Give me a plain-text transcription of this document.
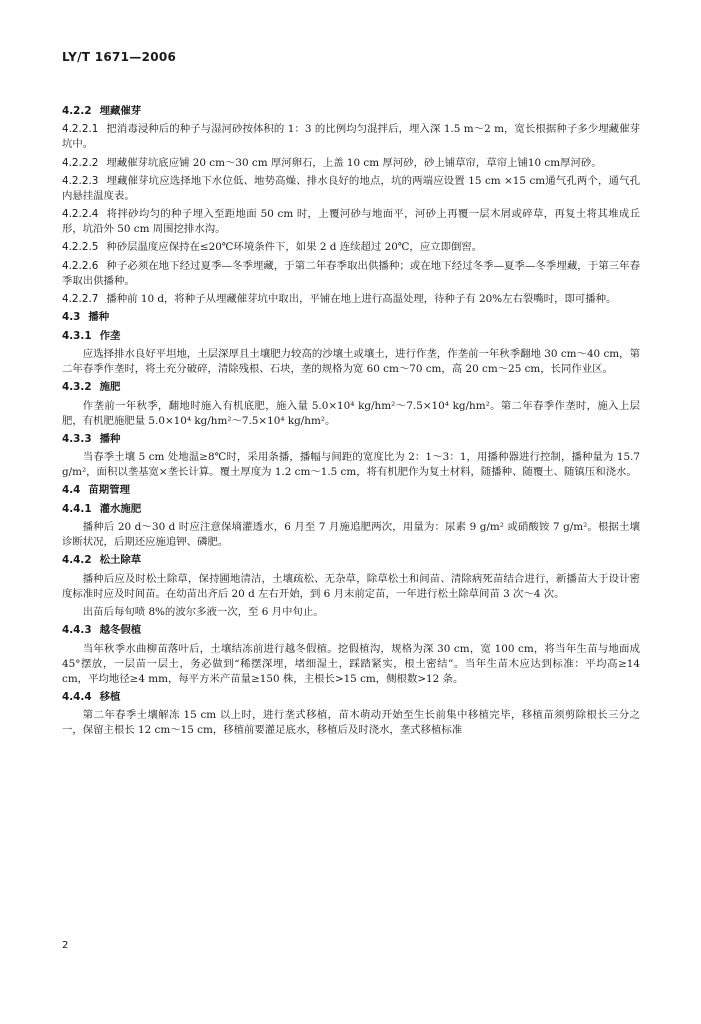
LY/T 1671—2006

4.2.2 埋藏催芽

4.2.2.1 把消毒浸种后的种子与湿河砂按体积的 1：3 的比例均匀混拌后，埋入深 1.5 m～2 m，宽长根据种子多少埋藏催芽坑中。

4.2.2.2 埋藏催芽坑底应铺 20 cm～30 cm 厚河卵石，上盖 10 cm 厚河砂，砂上铺草帘，草帘上铺10 cm厚河砂。

4.2.2.3 埋藏催芽坑应选择地下水位低、地势高燥、排水良好的地点，坑的两端应设置 15 cm ×15 cm通气孔两个，通气孔内悬挂温度表。

4.2.2.4 将拌砂均匀的种子埋入至距地面 50 cm 时，上覆河砂与地面平，河砂上再覆一层木屑或碎草，再复土将其堆成丘形，坑沿外 50 cm 周围挖排水沟。

4.2.2.5 种砂层温度应保持在≤20℃环境条件下，如果 2 d 连续超过 20℃，应立即倒窖。

4.2.2.6 种子必须在地下经过夏季—冬季埋藏，于第二年春季取出供播种；或在地下经过冬季—夏季—冬季埋藏，于第三年春季取出供播种。

4.2.2.7 播种前 10 d，将种子从埋藏催芽坑中取出，平铺在地上进行高温处理，待种子有 20%左右裂嘴时，即可播种。

4.3 播种

4.3.1 作垄

应选择排水良好平坦地，土层深厚且土壤肥力较高的沙壤土或壤土，进行作垄，作垄前一年秋季翻地 30 cm～40 cm，第二年春季作垄时，将土充分破碎，清除残根、石块，垄的规格为宽 60 cm～70 cm，高 20 cm～25 cm，长同作业区。

4.3.2 施肥

作垄前一年秋季，翻地时施入有机底肥，施入量 5.0×10⁴ kg/hm²～7.5×10⁴ kg/hm²。第二年春季作垄时，施入上层肥，有机肥施肥量 5.0×10⁴ kg/hm²～7.5×10⁴ kg/hm²。

4.3.3 播种

当春季土壤 5 cm 处地温≥8℃时，采用条播，播幅与间距的宽度比为 2：1～3：1，用播种器进行控制，播种量为 15.7 g/m²，面积以垄基宽×垄长计算。覆土厚度为 1.2 cm～1.5 cm，将有机肥作为复土材料，随播种、随覆土、随镇压和浇水。

4.4 苗期管理

4.4.1 灌水施肥

播种后 20 d～30 d 时应注意保墒灌透水，6 月至 7 月施追肥两次，用量为：尿素 9 g/m² 或硝酸铵 7 g/m²。根据土壤诊断状况，后期还应施追钾、磷肥。

4.4.2 松土除草

播种后应及时松土除草，保持圃地清洁，土壤疏松、无杂草，除草松土和间苗、清除病死苗结合进行，新播苗大于设计密度标准时应及时间苗。在幼苗出齐后 20 d 左右开始，到 6 月末前定苗，一年进行松土除草间苗 3 次～4 次。

出苗后每旬喷 8%的波尔多液一次，至 6 月中旬止。

4.4.3 越冬假植

当年秋季水曲柳苗落叶后，土壤结冻前进行越冬假植。挖假植沟，规格为深 30 cm，宽 100 cm，将当年生苗与地面成 45°摆放，一层苗一层土，务必做到“稀摆深埋，堵细湿土，踩踏紧实，根土密结”。当年生苗木应达到标准：平均高≥14 cm，平均地径≥4 mm，每平方米产苗量≥150 株，主根长>15 cm，侧根数>12 条。

4.4.4 移植

第二年春季土壤解冻 15 cm 以上时，进行垄式移植，苗木萌动开始至生长前集中移植完毕，移植苗须剪除根长三分之一，保留主根长 12 cm～15 cm，移植前要灌足底水，移植后及时浇水，垄式移植标准

2
